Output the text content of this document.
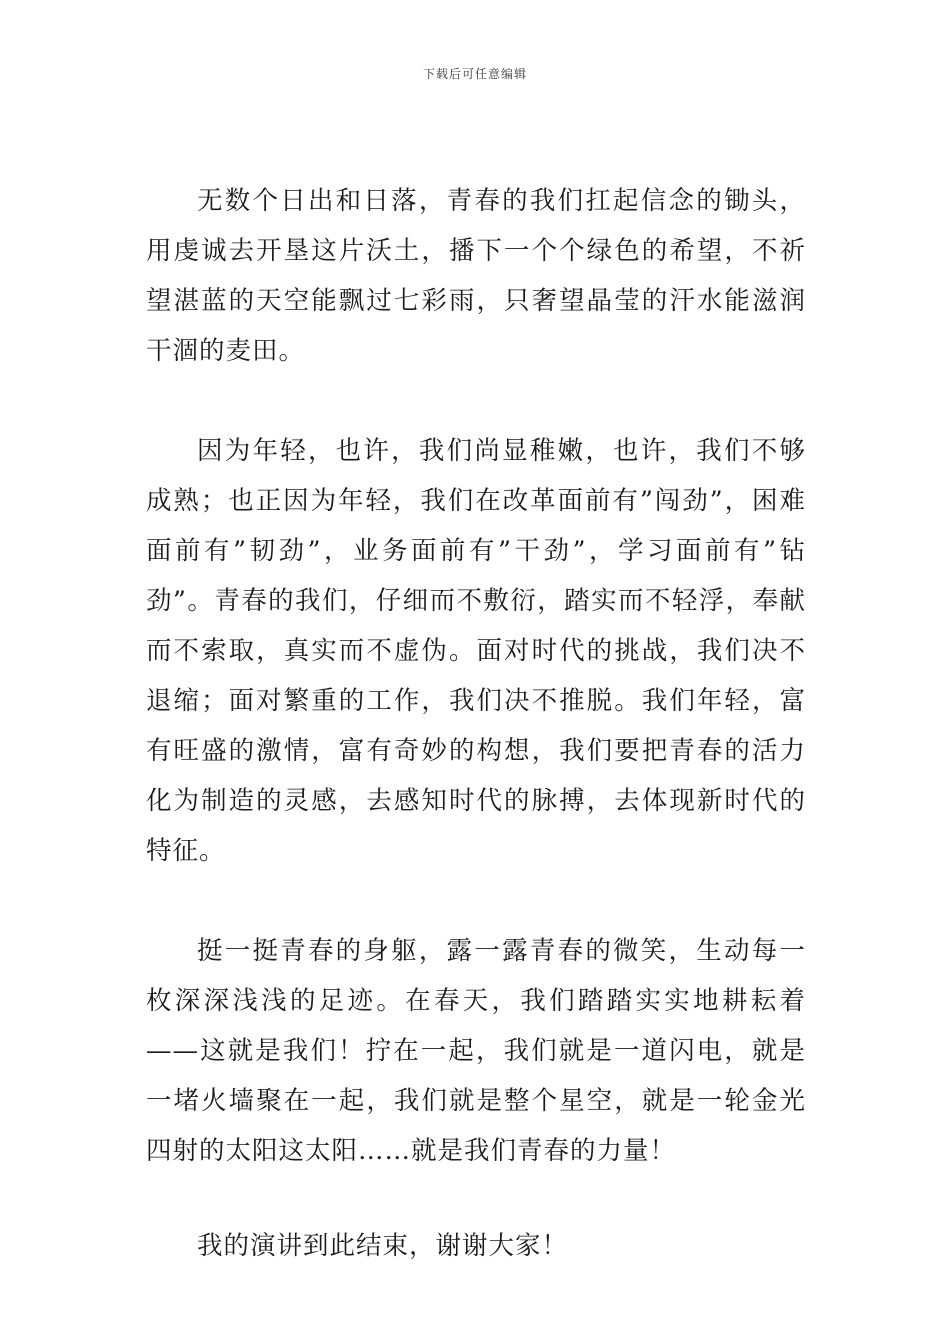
下载后可任意编辑

无数个日出和日落，青春的我们扛起信念的锄头，用虔诚去开垦这片沃土，播下一个个绿色的希望，不祈望湛蓝的天空能飘过七彩雨，只奢望晶莹的汗水能滋润干涸的麦田。

因为年轻，也许，我们尚显稚嫩，也许，我们不够成熟；也正因为年轻，我们在改革面前有”闯劲”，困难面前有”韧劲”，业务面前有”干劲”，学习面前有”钻劲”。青春的我们，仔细而不敷衍，踏实而不轻浮，奉献而不索取，真实而不虚伪。面对时代的挑战，我们决不退缩；面对繁重的工作，我们决不推脱。我们年轻，富有旺盛的激情，富有奇妙的构想，我们要把青春的活力化为制造的灵感，去感知时代的脉搏，去体现新时代的特征。

挺一挺青春的身躯，露一露青春的微笑，生动每一枚深深浅浅的足迹。在春天，我们踏踏实实地耕耘着——这就是我们！拧在一起，我们就是一道闪电，就是一堵火墙聚在一起，我们就是整个星空，就是一轮金光四射的太阳这太阳……就是我们青春的力量！

我的演讲到此结束，谢谢大家！
